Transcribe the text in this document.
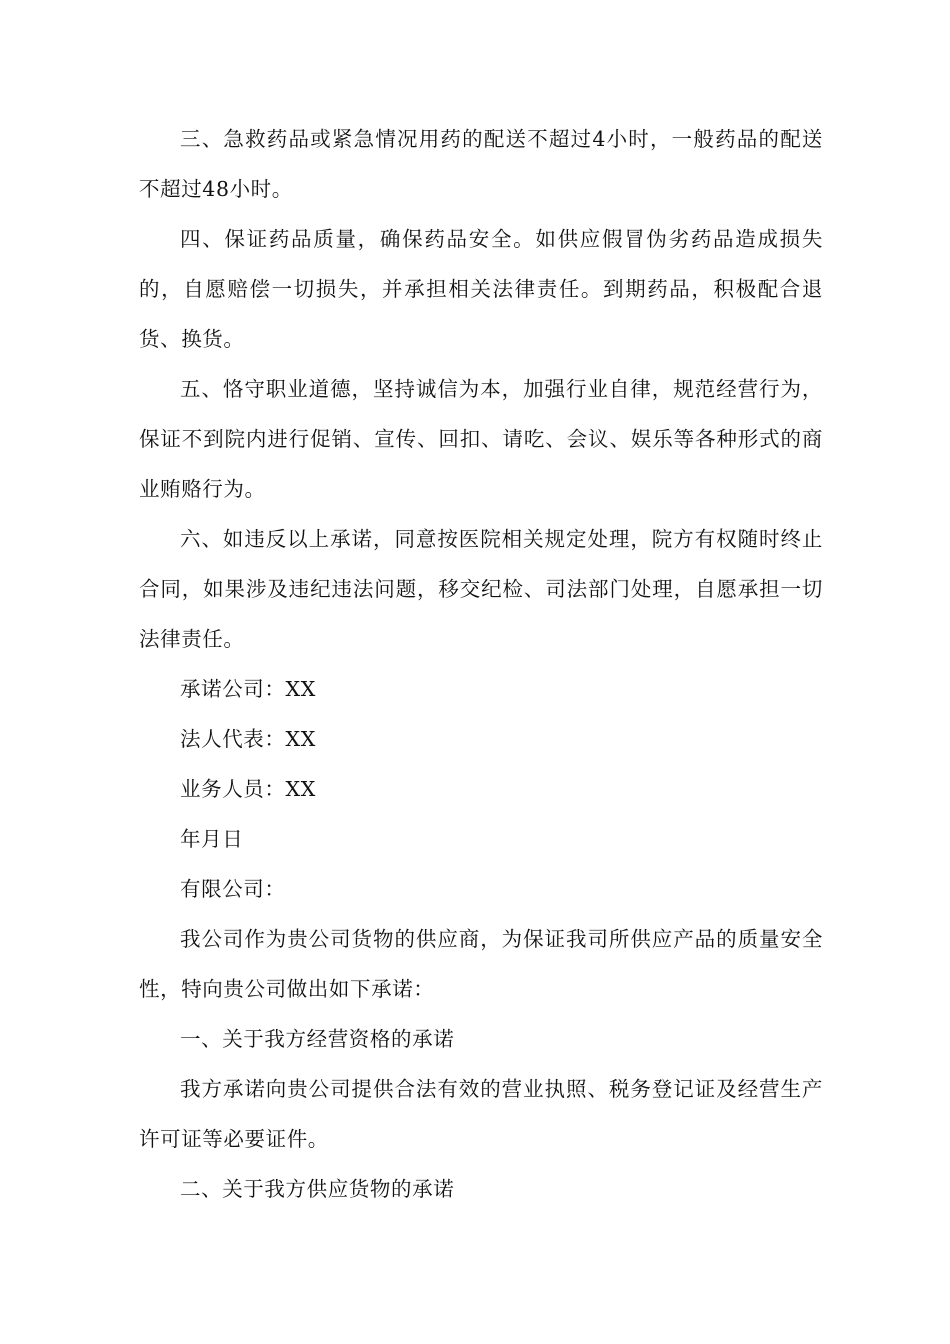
三、急救药品或紧急情况用药的配送不超过4小时，一般药品的配送不超过48小时。

四、保证药品质量，确保药品安全。如供应假冒伪劣药品造成损失的，自愿赔偿一切损失，并承担相关法律责任。到期药品，积极配合退货、换货。

五、恪守职业道德，坚持诚信为本，加强行业自律，规范经营行为，保证不到院内进行促销、宣传、回扣、请吃、会议、娱乐等各种形式的商业贿赂行为。

六、如违反以上承诺，同意按医院相关规定处理，院方有权随时终止合同，如果涉及违纪违法问题，移交纪检、司法部门处理，自愿承担一切法律责任。

承诺公司：XX

法人代表：XX

业务人员：XX

年月日

有限公司：

我公司作为贵公司货物的供应商，为保证我司所供应产品的质量安全性，特向贵公司做出如下承诺：

一、关于我方经营资格的承诺

我方承诺向贵公司提供合法有效的营业执照、税务登记证及经营生产许可证等必要证件。

二、关于我方供应货物的承诺
